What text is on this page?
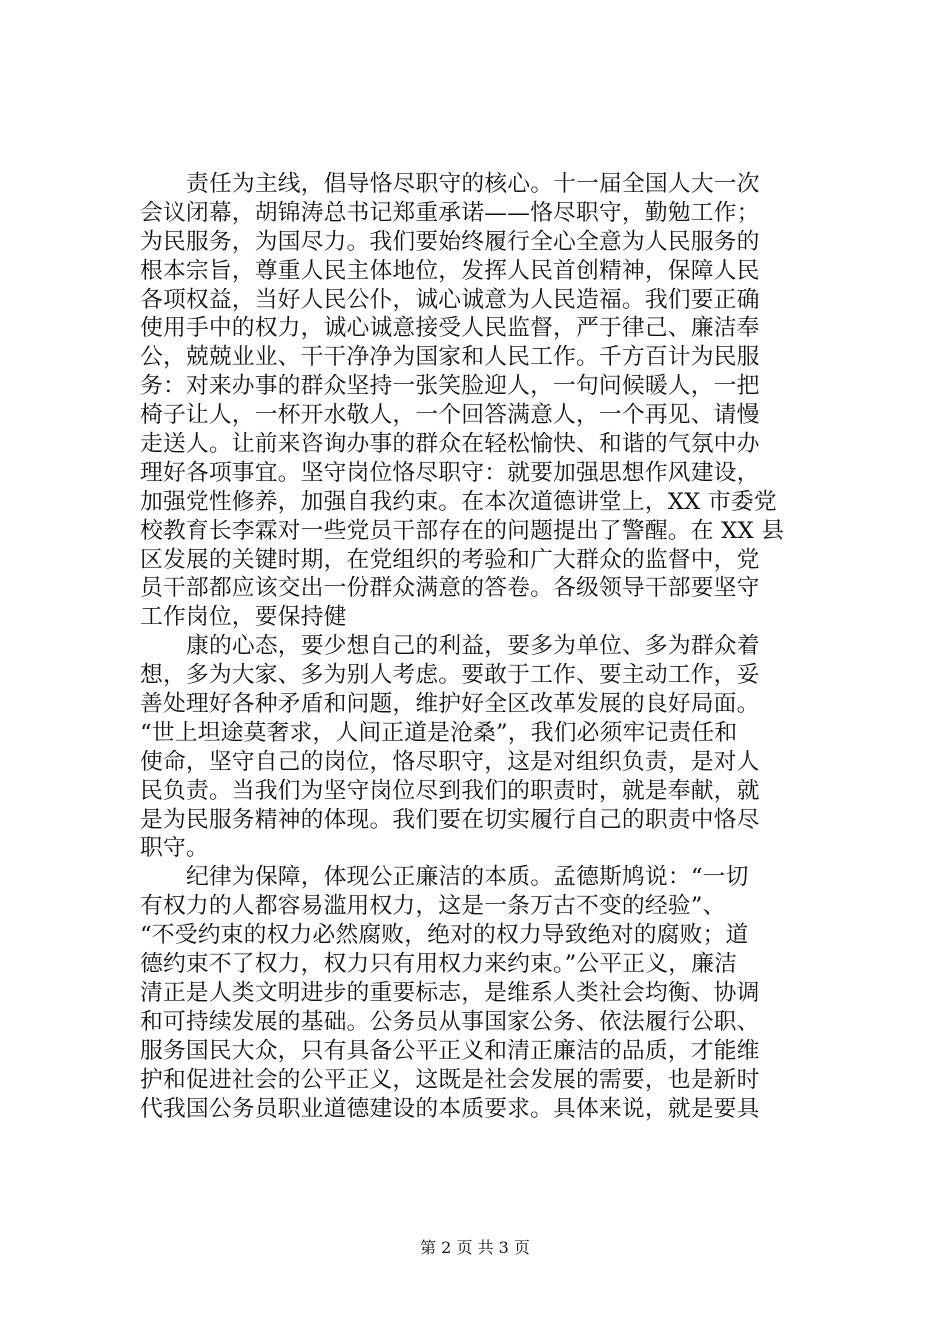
责任为主线，倡导恪尽职守的核心。十一届全国人大一次
会议闭幕，胡锦涛总书记郑重承诺——恪尽职守，勤勉工作；
为民服务，为国尽力。我们要始终履行全心全意为人民服务的
根本宗旨，尊重人民主体地位，发挥人民首创精神，保障人民
各项权益，当好人民公仆，诚心诚意为人民造福。我们要正确
使用手中的权力，诚心诚意接受人民监督，严于律己、廉洁奉
公，兢兢业业、干干净净为国家和人民工作。千方百计为民服
务：对来办事的群众坚持一张笑脸迎人，一句问候暖人，一把
椅子让人，一杯开水敬人，一个回答满意人，一个再见、请慢
走送人。让前来咨询办事的群众在轻松愉快、和谐的气氛中办
理好各项事宜。坚守岗位恪尽职守：就要加强思想作风建设，
加强党性修养，加强自我约束。在本次道德讲堂上，XX 市委党
校教育长李霖对一些党员干部存在的问题提出了警醒。在 XX 县
区发展的关键时期，在党组织的考验和广大群众的监督中，党
员干部都应该交出一份群众满意的答卷。各级领导干部要坚守
工作岗位，要保持健
康的心态，要少想自己的利益，要多为单位、多为群众着
想，多为大家、多为别人考虑。要敢于工作、要主动工作，妥
善处理好各种矛盾和问题，维护好全区改革发展的良好局面。
“世上坦途莫奢求，人间正道是沧桑”，我们必须牢记责任和
使命，坚守自己的岗位，恪尽职守，这是对组织负责，是对人
民负责。当我们为坚守岗位尽到我们的职责时，就是奉献，就
是为民服务精神的体现。我们要在切实履行自己的职责中恪尽
职守。
纪律为保障，体现公正廉洁的本质。孟德斯鸠说：“一切
有权力的人都容易滥用权力，这是一条万古不变的经验”、
“不受约束的权力必然腐败，绝对的权力导致绝对的腐败；道
德约束不了权力，权力只有用权力来约束。”公平正义，廉洁
清正是人类文明进步的重要标志，是维系人类社会均衡、协调
和可持续发展的基础。公务员从事国家公务、依法履行公职、
服务国民大众，只有具备公平正义和清正廉洁的品质，才能维
护和促进社会的公平正义，这既是社会发展的需要，也是新时
代我国公务员职业道德建设的本质要求。具体来说，就是要具
第 2 页 共 3 页
